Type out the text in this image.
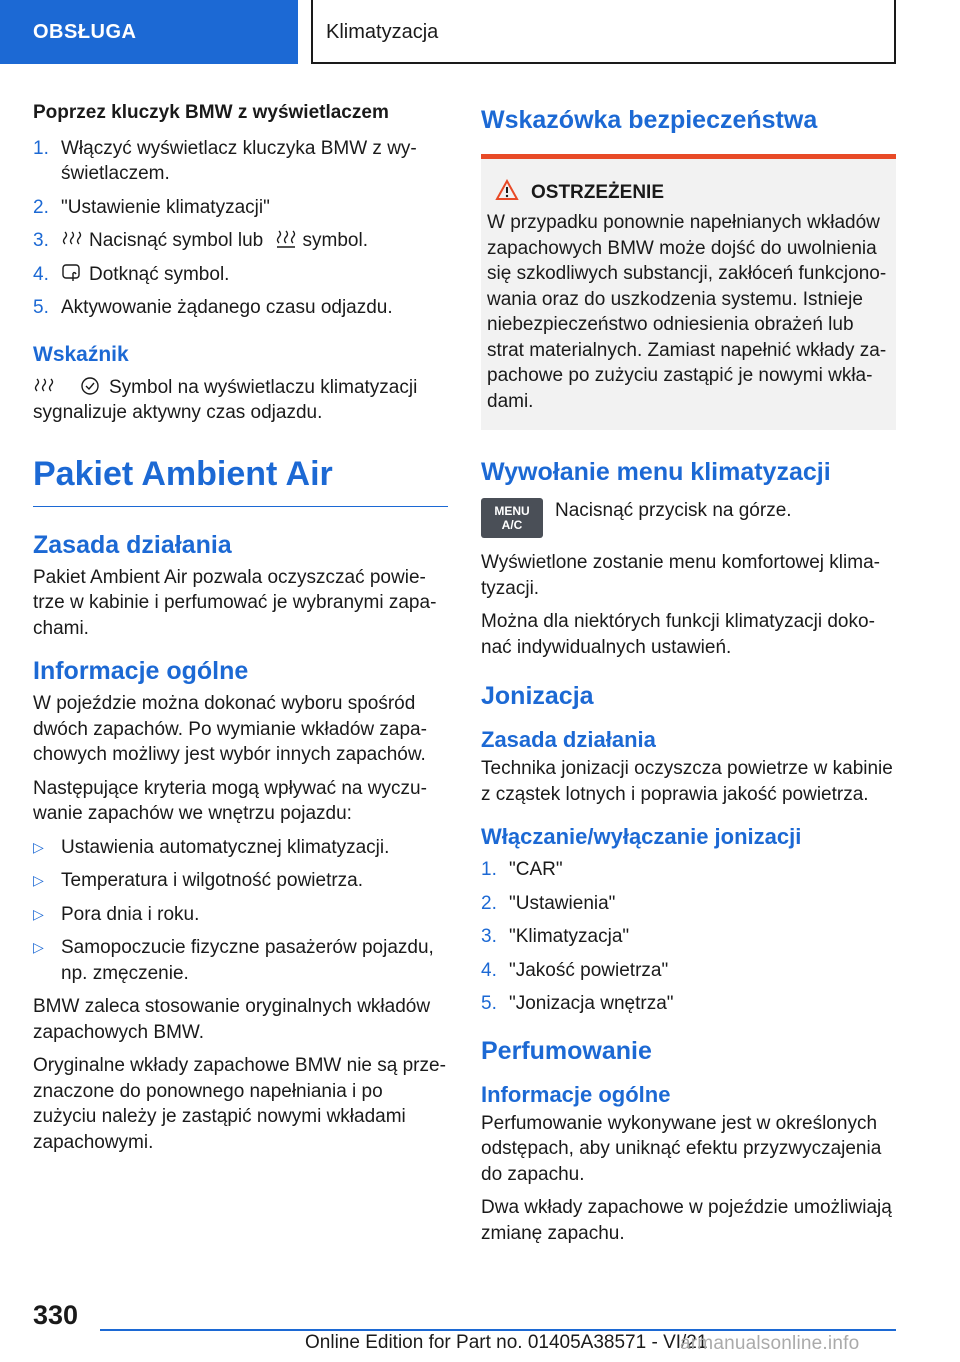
OBSŁUGA	Klimatyzacja
Poprzez kluczyk BMW z wyświetlaczem
1. Włączyć wyświetlacz kluczyka BMW z wyświetlaczem.
2. "Ustawienie klimatyzacji"
3. Nacisnąć symbol lub symbol.
4. Dotknąć symbol.
5. Aktywowanie żądanego czasu odjazdu.
Wskaźnik
Symbol na wyświetlaczu klimatyzacji sygnalizuje aktywny czas odjazdu.
Pakiet Ambient Air
Zasada działania
Pakiet Ambient Air pozwala oczyszczać powietrze w kabinie i perfumować je wybranymi zapachami.
Informacje ogólne
W pojeździe można dokonać wyboru spośród dwóch zapachów. Po wymianie wkładów zapachowych możliwy jest wybór innych zapachów.
Następujące kryteria mogą wpływać na wyczuwanie zapachów we wnętrzu pojazdu:
▷ Ustawienia automatycznej klimatyzacji.
▷ Temperatura i wilgotność powietrza.
▷ Pora dnia i roku.
▷ Samopoczucie fizyczne pasażerów pojazdu, np. zmęczenie.
BMW zaleca stosowanie oryginalnych wkładów zapachowych BMW.
Oryginalne wkłady zapachowe BMW nie są przeznaczone do ponownego napełniania i po zużyciu należy je zastąpić nowymi wkładami zapachowymi.
Wskazówka bezpieczeństwa
OSTRZEŻENIE
W przypadku ponownie napełnianych wkładów zapachowych BMW może dojść do uwolnienia się szkodliwych substancji, zakłóceń funkcjonowania oraz do uszkodzenia systemu. Istnieje niebezpieczeństwo odniesienia obrażeń lub strat materialnych. Zamiast napełnić wkłady zapachowe po zużyciu zastąpić je nowymi wkładami.
Wywołanie menu klimatyzacji
MENU
A/C
Nacisnąć przycisk na górze.
Wyświetlone zostanie menu komfortowej klimatyzacji.
Można dla niektórych funkcji klimatyzacji dokonać indywidualnych ustawień.
Jonizacja
Zasada działania
Technika jonizacji oczyszcza powietrze w kabinie z cząstek lotnych i poprawia jakość powietrza.
Włączanie/wyłączanie jonizacji
1. "CAR"
2. "Ustawienia"
3. "Klimatyzacja"
4. "Jakość powietrza"
5. "Jonizacja wnętrza"
Perfumowanie
Informacje ogólne
Perfumowanie wykonywane jest w określonych odstępach, aby uniknąć efektu przyzwyczajenia do zapachu.
Dwa wkłady zapachowe w pojeździe umożliwiają zmianę zapachu.
330
Online Edition for Part no. 01405A38571 - VI/21
armanualsonline.info
